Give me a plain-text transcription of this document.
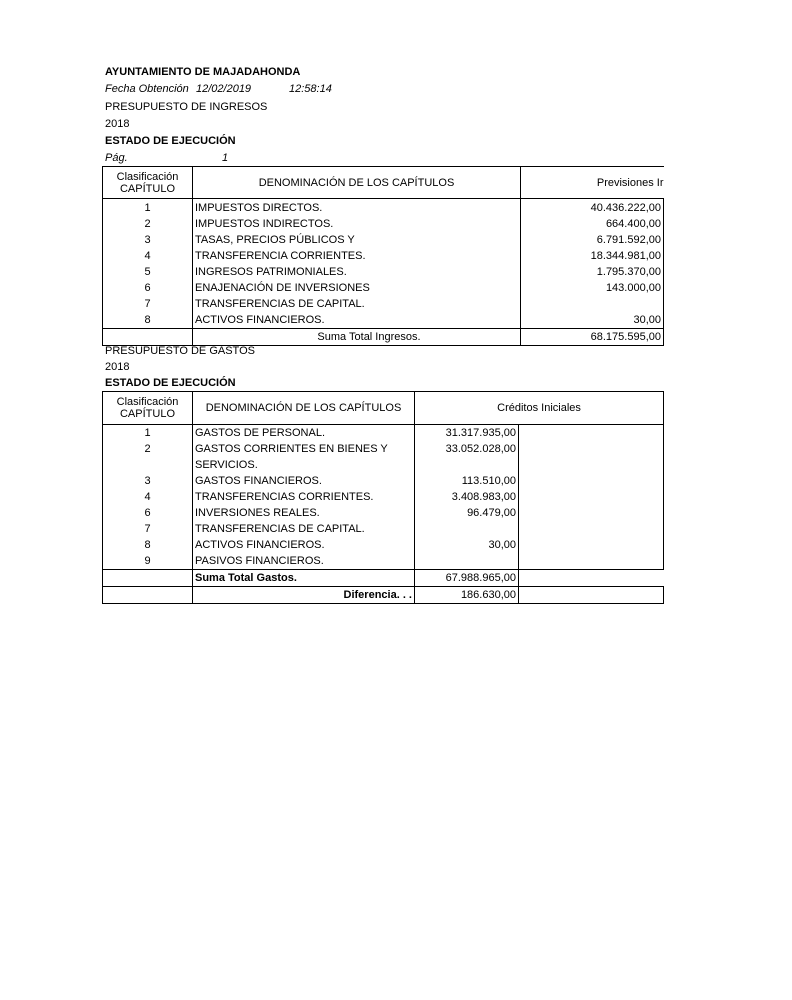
AYUNTAMIENTO DE MAJADAHONDA
Fecha Obtención 12/02/2019	12:58:14
PRESUPUESTO DE INGRESOS
2018
ESTADO DE EJECUCIÓN
Pág.	1
Clasificación
CAPÍTULO	DENOMINACIÓN DE LOS CAPÍTULOS	Previsiones Ir
1	IMPUESTOS DIRECTOS.	40.436.222,00
2	IMPUESTOS INDIRECTOS.	664.400,00
3	TASAS, PRECIOS PÚBLICOS Y	6.791.592,00
4	TRANSFERENCIA CORRIENTES.	18.344.981,00
5	INGRESOS PATRIMONIALES.	1.795.370,00
6	ENAJENACIÓN DE INVERSIONES	143.000,00
7	TRANSFERENCIAS DE CAPITAL.	
8	ACTIVOS FINANCIEROS.	30,00
	Suma Total Ingresos.	68.175.595,00
PRESUPUESTO DE GASTOS
2018
ESTADO DE EJECUCIÓN
Clasificación
CAPÍTULO	DENOMINACIÓN DE LOS CAPÍTULOS	Créditos Iniciales	
1	GASTOS DE PERSONAL.	31.317.935,00	
2	GASTOS CORRIENTES EN BIENES Y
SERVICIOS.	33.052.028,00	
3	GASTOS FINANCIEROS.	113.510,00	
4	TRANSFERENCIAS CORRIENTES.	3.408.983,00	
6	INVERSIONES REALES.	96.479,00	
7	TRANSFERENCIAS DE CAPITAL.		

8	ACTIVOS FINANCIEROS.	30,00	
9	PASIVOS FINANCIEROS.		

	Suma Total Gastos.	67.988.965,00	
	Diferencia. . .	186.630,00	
